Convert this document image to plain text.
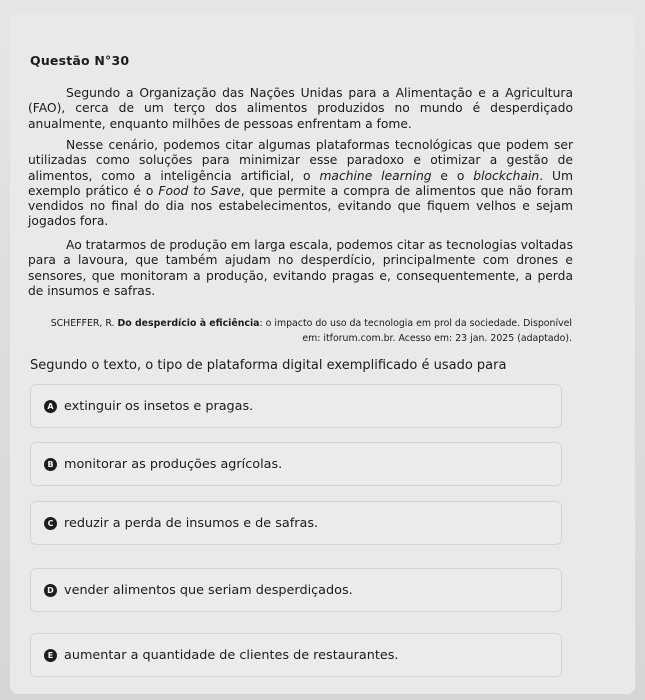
Questão N°30

Segundo a Organização das Nações Unidas para a Alimentação e a Agricultura (FAO), cerca de um terço dos alimentos produzidos no mundo é desperdiçado anualmente, enquanto milhões de pessoas enfrentam a fome.

Nesse cenário, podemos citar algumas plataformas tecnológicas que podem ser utilizadas como soluções para minimizar esse paradoxo e otimizar a gestão de alimentos, como a inteligência artificial, o machine learning e o blockchain. Um exemplo prático é o Food to Save, que permite a compra de alimentos que não foram vendidos no final do dia nos estabelecimentos, evitando que fiquem velhos e sejam jogados fora.

Ao tratarmos de produção em larga escala, podemos citar as tecnologias voltadas para a lavoura, que também ajudam no desperdício, principalmente com drones e sensores, que monitoram a produção, evitando pragas e, consequentemente, a perda de insumos e safras.

SCHEFFER, R. Do desperdício à eficiência: o impacto do uso da tecnologia em prol da sociedade. Disponível em: itforum.com.br. Acesso em: 23 jan. 2025 (adaptado).
Segundo o texto, o tipo de plataforma digital exemplificado é usado para
A extinguir os insetos e pragas.
B monitorar as produções agrícolas.
C reduzir a perda de insumos e de safras.
D vender alimentos que seriam desperdiçados.
E aumentar a quantidade de clientes de restaurantes.
